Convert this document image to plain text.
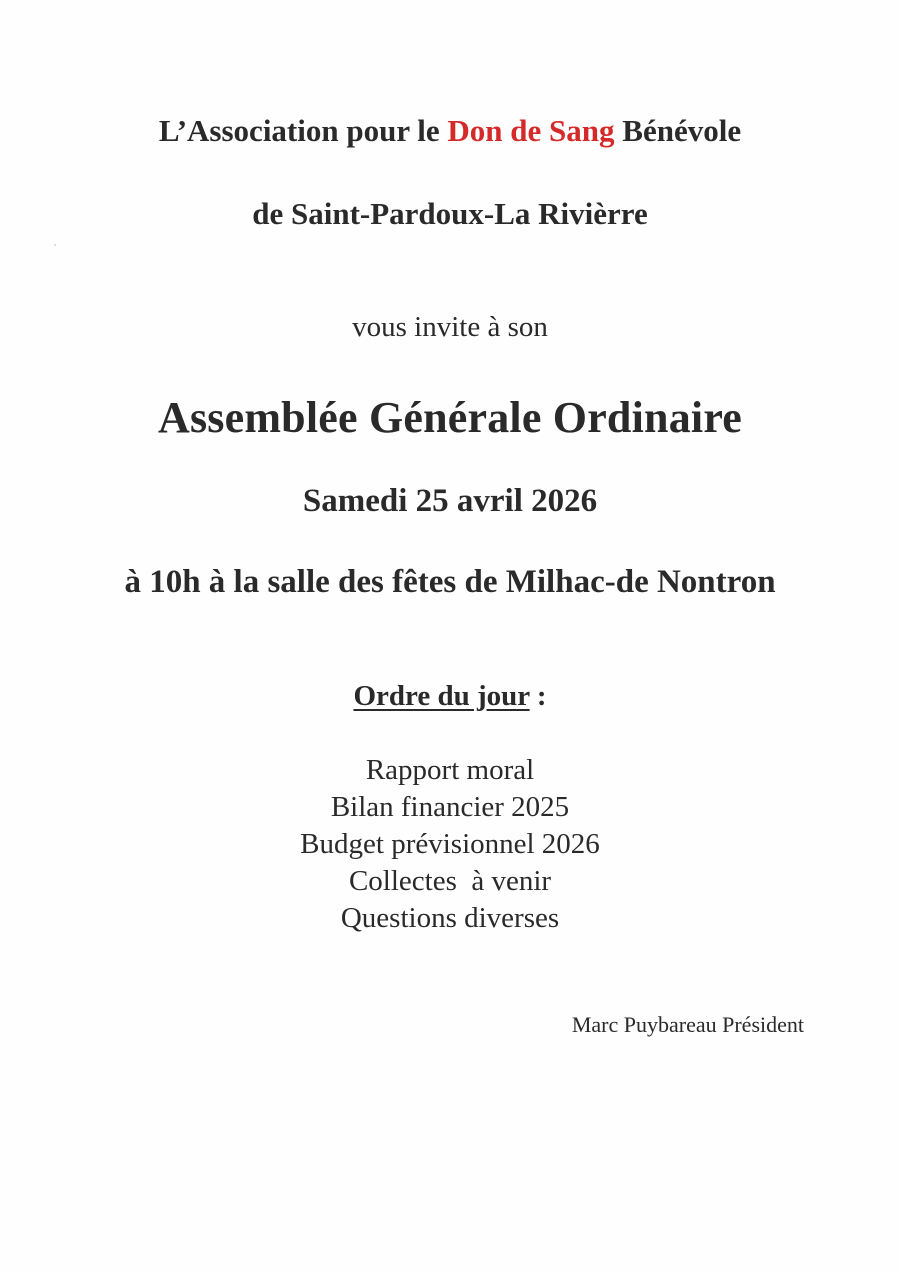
L’Association pour le Don de Sang Bénévole
de Saint-Pardoux-La Rivièrre
vous invite à son
Assemblée Générale Ordinaire
Samedi 25 avril 2026
à 10h à la salle des fêtes de Milhac-de Nontron
Ordre du jour :
Rapport moral
Bilan financier 2025
Budget prévisionnel 2026
Collectes  à venir
Questions diverses
Marc Puybareau Président
